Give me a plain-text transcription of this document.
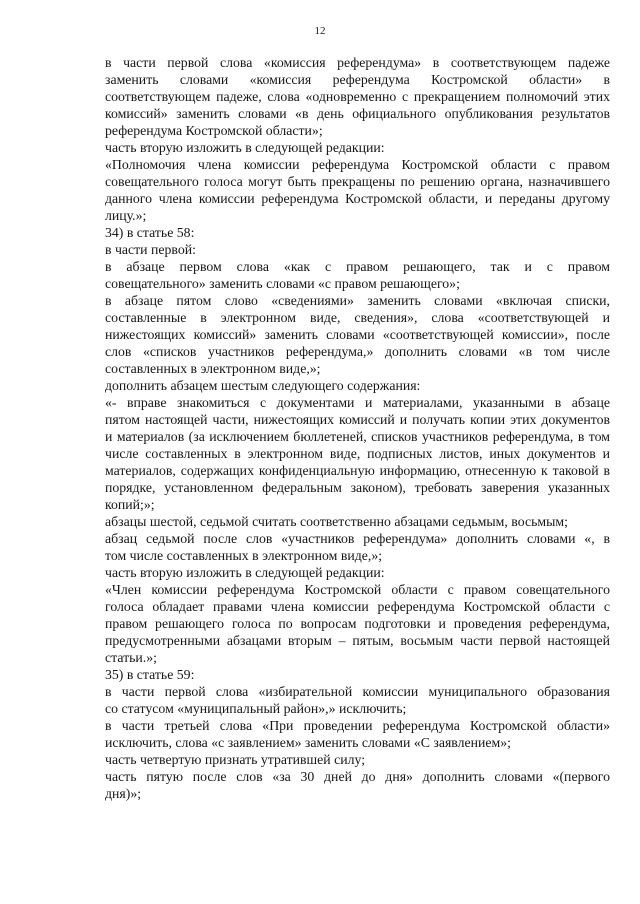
12

в части первой слова «комиссия референдума» в соответствующем падеже
заменить словами «комиссия референдума Костромской области» в
соответствующем падеже, слова «одновременно с прекращением полномочий этих
комиссий» заменить словами «в день официального опубликования результатов
референдума Костромской области»;

часть вторую изложить в следующей редакции:

«Полномочия члена комиссии референдума Костромской области с правом
совещательного голоса могут быть прекращены по решению органа, назначившего
данного члена комиссии референдума Костромской области, и переданы другому
лицу.»;

34) в статье 58:

в части первой:

в абзаце первом слова «как с правом решающего, так и с правом
совещательного» заменить словами «с правом решающего»;

в абзаце пятом слово «сведениями» заменить словами «включая списки,
составленные в электронном виде, сведения», слова «соответствующей и
нижестоящих комиссий» заменить словами «соответствующей комиссии», после
слов «списков участников референдума,» дополнить словами «в том числе
составленных в электронном виде,»;

дополнить абзацем шестым следующего содержания:

«- вправе знакомиться с документами и материалами, указанными в абзаце
пятом настоящей части, нижестоящих комиссий и получать копии этих документов
и материалов (за исключением бюллетеней, списков участников референдума, в том
числе составленных в электронном виде, подписных листов, иных документов и
материалов, содержащих конфиденциальную информацию, отнесенную к таковой в
порядке, установленном федеральным законом), требовать заверения указанных
копий;»;

абзацы шестой, седьмой считать соответственно абзацами седьмым, восьмым;

абзац седьмой после слов «участников референдума» дополнить словами «, в
том числе составленных в электронном виде,»;

часть вторую изложить в следующей редакции:

«Член комиссии референдума Костромской области с правом совещательного
голоса обладает правами члена комиссии референдума Костромской области с
правом решающего голоса по вопросам подготовки и проведения референдума,
предусмотренными абзацами вторым – пятым, восьмым части первой настоящей
статьи.»;

35) в статье 59:

в части первой слова «избирательной комиссии муниципального образования
со статусом «муниципальный район»,» исключить;

в части третьей слова «При проведении референдума Костромской области»
исключить, слова «с заявлением» заменить словами «С заявлением»;

часть четвертую признать утратившей силу;

часть пятую после слов «за 30 дней до дня» дополнить словами «(первого
дня)»;
